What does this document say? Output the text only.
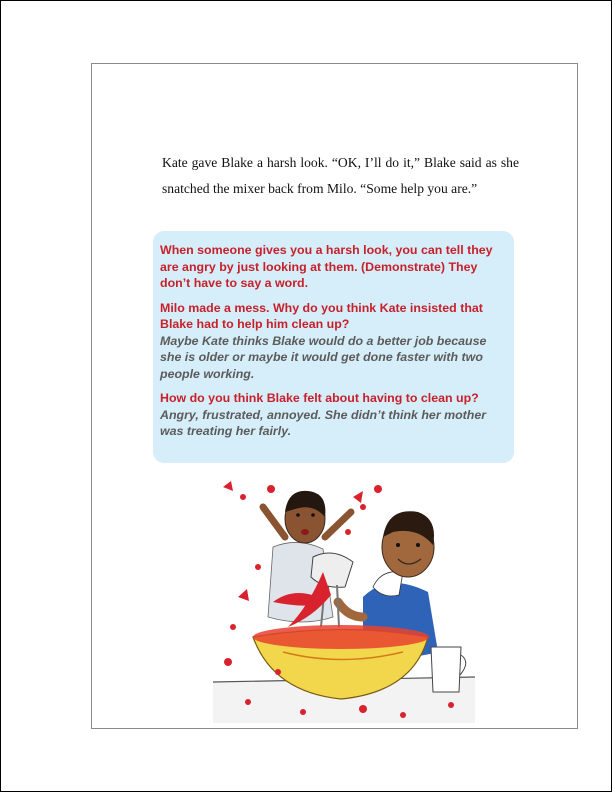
Kate gave Blake a harsh look. “OK, I’ll do it,” Blake said as she snatched the mixer back from Milo. “Some help you are.”

When someone gives you a harsh look, you can tell they are angry by just looking at them. (Demonstrate) They don’t have to say a word.

Milo made a mess. Why do you think Kate insisted that Blake had to help him clean up?
Maybe Kate thinks Blake would do a better job because she is older or maybe it would get done faster with two people working.

How do you think Blake felt about having to clean up?
Angry, frustrated, annoyed. She didn’t think her mother was treating her fairly.
